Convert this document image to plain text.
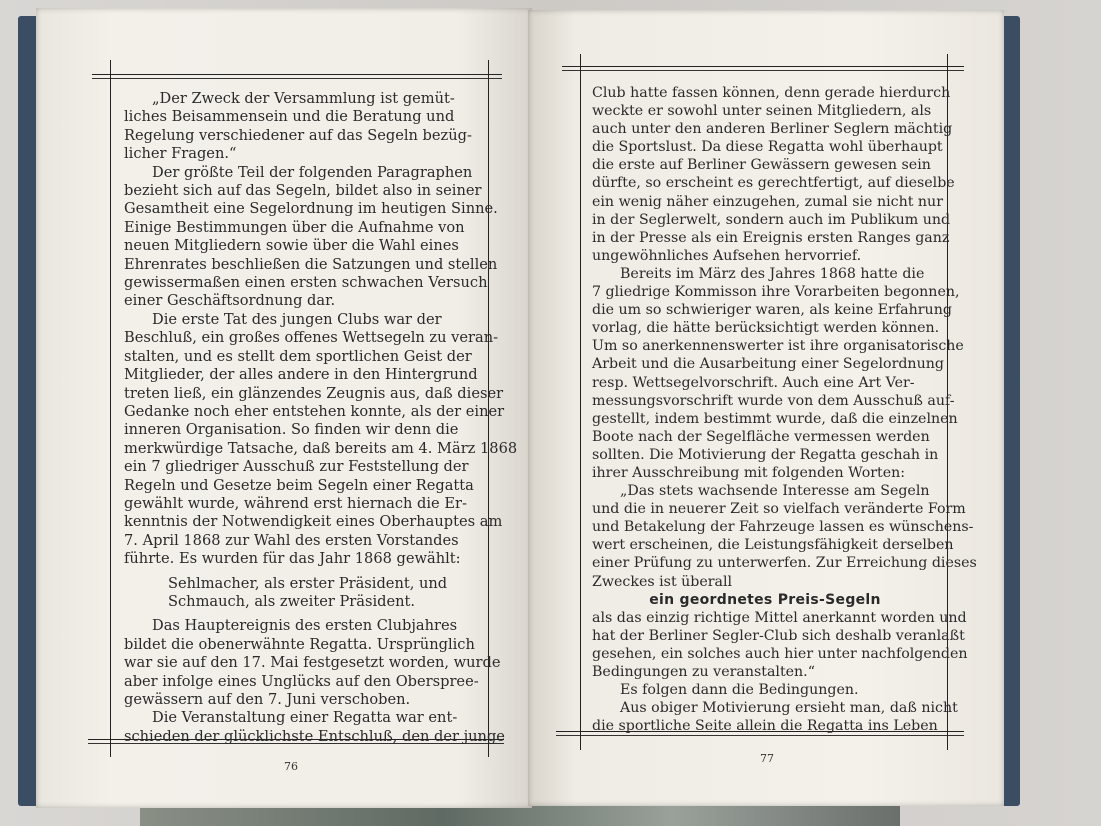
„Der Zweck der Versammlung ist gemüt-
liches Beisammensein und die Beratung und
Regelung verschiedener auf das Segeln bezüg-
licher Fragen.“
Der größte Teil der folgenden Paragraphen
bezieht sich auf das Segeln, bildet also in seiner
Gesamtheit eine Segelordnung im heutigen Sinne.
Einige Bestimmungen über die Aufnahme von
neuen Mitgliedern sowie über die Wahl eines
Ehrenrates beschließen die Satzungen und stellen
gewissermaßen einen ersten schwachen Versuch
einer Geschäftsordnung dar.
Die erste Tat des jungen Clubs war der
Beschluß, ein großes offenes Wettsegeln zu veran-
stalten, und es stellt dem sportlichen Geist der
Mitglieder, der alles andere in den Hintergrund
treten ließ, ein glänzendes Zeugnis aus, daß dieser
Gedanke noch eher entstehen konnte, als der einer
inneren Organisation. So finden wir denn die
merkwürdige Tatsache, daß bereits am 4. März 1868
ein 7 gliedriger Ausschuß zur Feststellung der
Regeln und Gesetze beim Segeln einer Regatta
gewählt wurde, während erst hiernach die Er-
kenntnis der Notwendigkeit eines Oberhauptes am
7. April 1868 zur Wahl des ersten Vorstandes
führte. Es wurden für das Jahr 1868 gewählt:
Sehlmacher, als erster Präsident, und
Schmauch, als zweiter Präsident.
Das Hauptereignis des ersten Clubjahres
bildet die obenerwähnte Regatta. Ursprünglich
war sie auf den 17. Mai festgesetzt worden, wurde
aber infolge eines Unglücks auf den Oberspree-
gewässern auf den 7. Juni verschoben.
Die Veranstaltung einer Regatta war ent-
schieden der glücklichste Entschluß, den der junge
76
Club hatte fassen können, denn gerade hierdurch
weckte er sowohl unter seinen Mitgliedern, als
auch unter den anderen Berliner Seglern mächtig
die Sportslust. Da diese Regatta wohl überhaupt
die erste auf Berliner Gewässern gewesen sein
dürfte, so erscheint es gerechtfertigt, auf dieselbe
ein wenig näher einzugehen, zumal sie nicht nur
in der Seglerwelt, sondern auch im Publikum und
in der Presse als ein Ereignis ersten Ranges ganz
ungewöhnliches Aufsehen hervorrief.
Bereits im März des Jahres 1868 hatte die
7 gliedrige Kommisson ihre Vorarbeiten begonnen,
die um so schwieriger waren, als keine Erfahrung
vorlag, die hätte berücksichtigt werden können.
Um so anerkennenswerter ist ihre organisatorische
Arbeit und die Ausarbeitung einer Segelordnung
resp. Wettsegelvorschrift. Auch eine Art Ver-
messungsvorschrift wurde von dem Ausschuß auf-
gestellt, indem bestimmt wurde, daß die einzelnen
Boote nach der Segelfläche vermessen werden
sollten. Die Motivierung der Regatta geschah in
ihrer Ausschreibung mit folgenden Worten:
„Das stets wachsende Interesse am Segeln
und die in neuerer Zeit so vielfach veränderte Form
und Betakelung der Fahrzeuge lassen es wünschens-
wert erscheinen, die Leistungsfähigkeit derselben
einer Prüfung zu unterwerfen. Zur Erreichung dieses
Zweckes ist überall
ein geordnetes Preis-Segeln
als das einzig richtige Mittel anerkannt worden und
hat der Berliner Segler-Club sich deshalb veranlaßt
gesehen, ein solches auch hier unter nachfolgenden
Bedingungen zu veranstalten.“
Es folgen dann die Bedingungen.
Aus obiger Motivierung ersieht man, daß nicht
die sportliche Seite allein die Regatta ins Leben
77
